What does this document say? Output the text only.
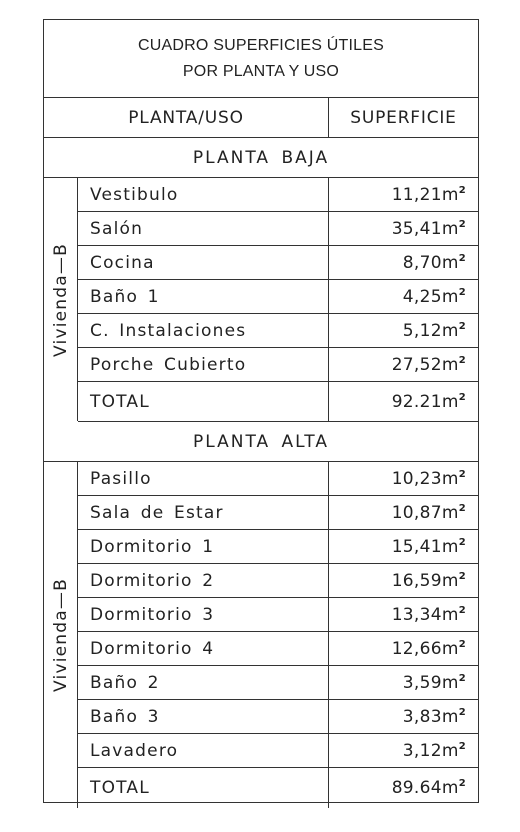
CUADRO SUPERFICIES ÚTILES
POR PLANTA Y USO
PLANTA/USO	SUPERFICIE
PLANTA BAJA
Vestibulo	11,21 $m^2$
Salón	35,41 $m^2$
Cocina	8,70 $m^2$
Baño 1	4,25 $m^2$
C. Instalaciones	5,12 $m^2$
Porche Cubierto	27,52 $m^2$
TOTAL	92.21 $m^2$
Vivienda—B
PLANTA ALTA
Pasillo	10,23 $m^2$
Sala de Estar	10,87 $m^2$
Dormitorio 1	15,41 $m^2$
Dormitorio 2	16,59 $m^2$
Dormitorio 3	13,34 $m^2$
Dormitorio 4	12,66 $m^2$
Baño 2	3,59 $m^2$
Baño 3	3,83 $m^2$
Lavadero	3,12 $m^2$
TOTAL	89.64 $m^2$
Vivienda—B
